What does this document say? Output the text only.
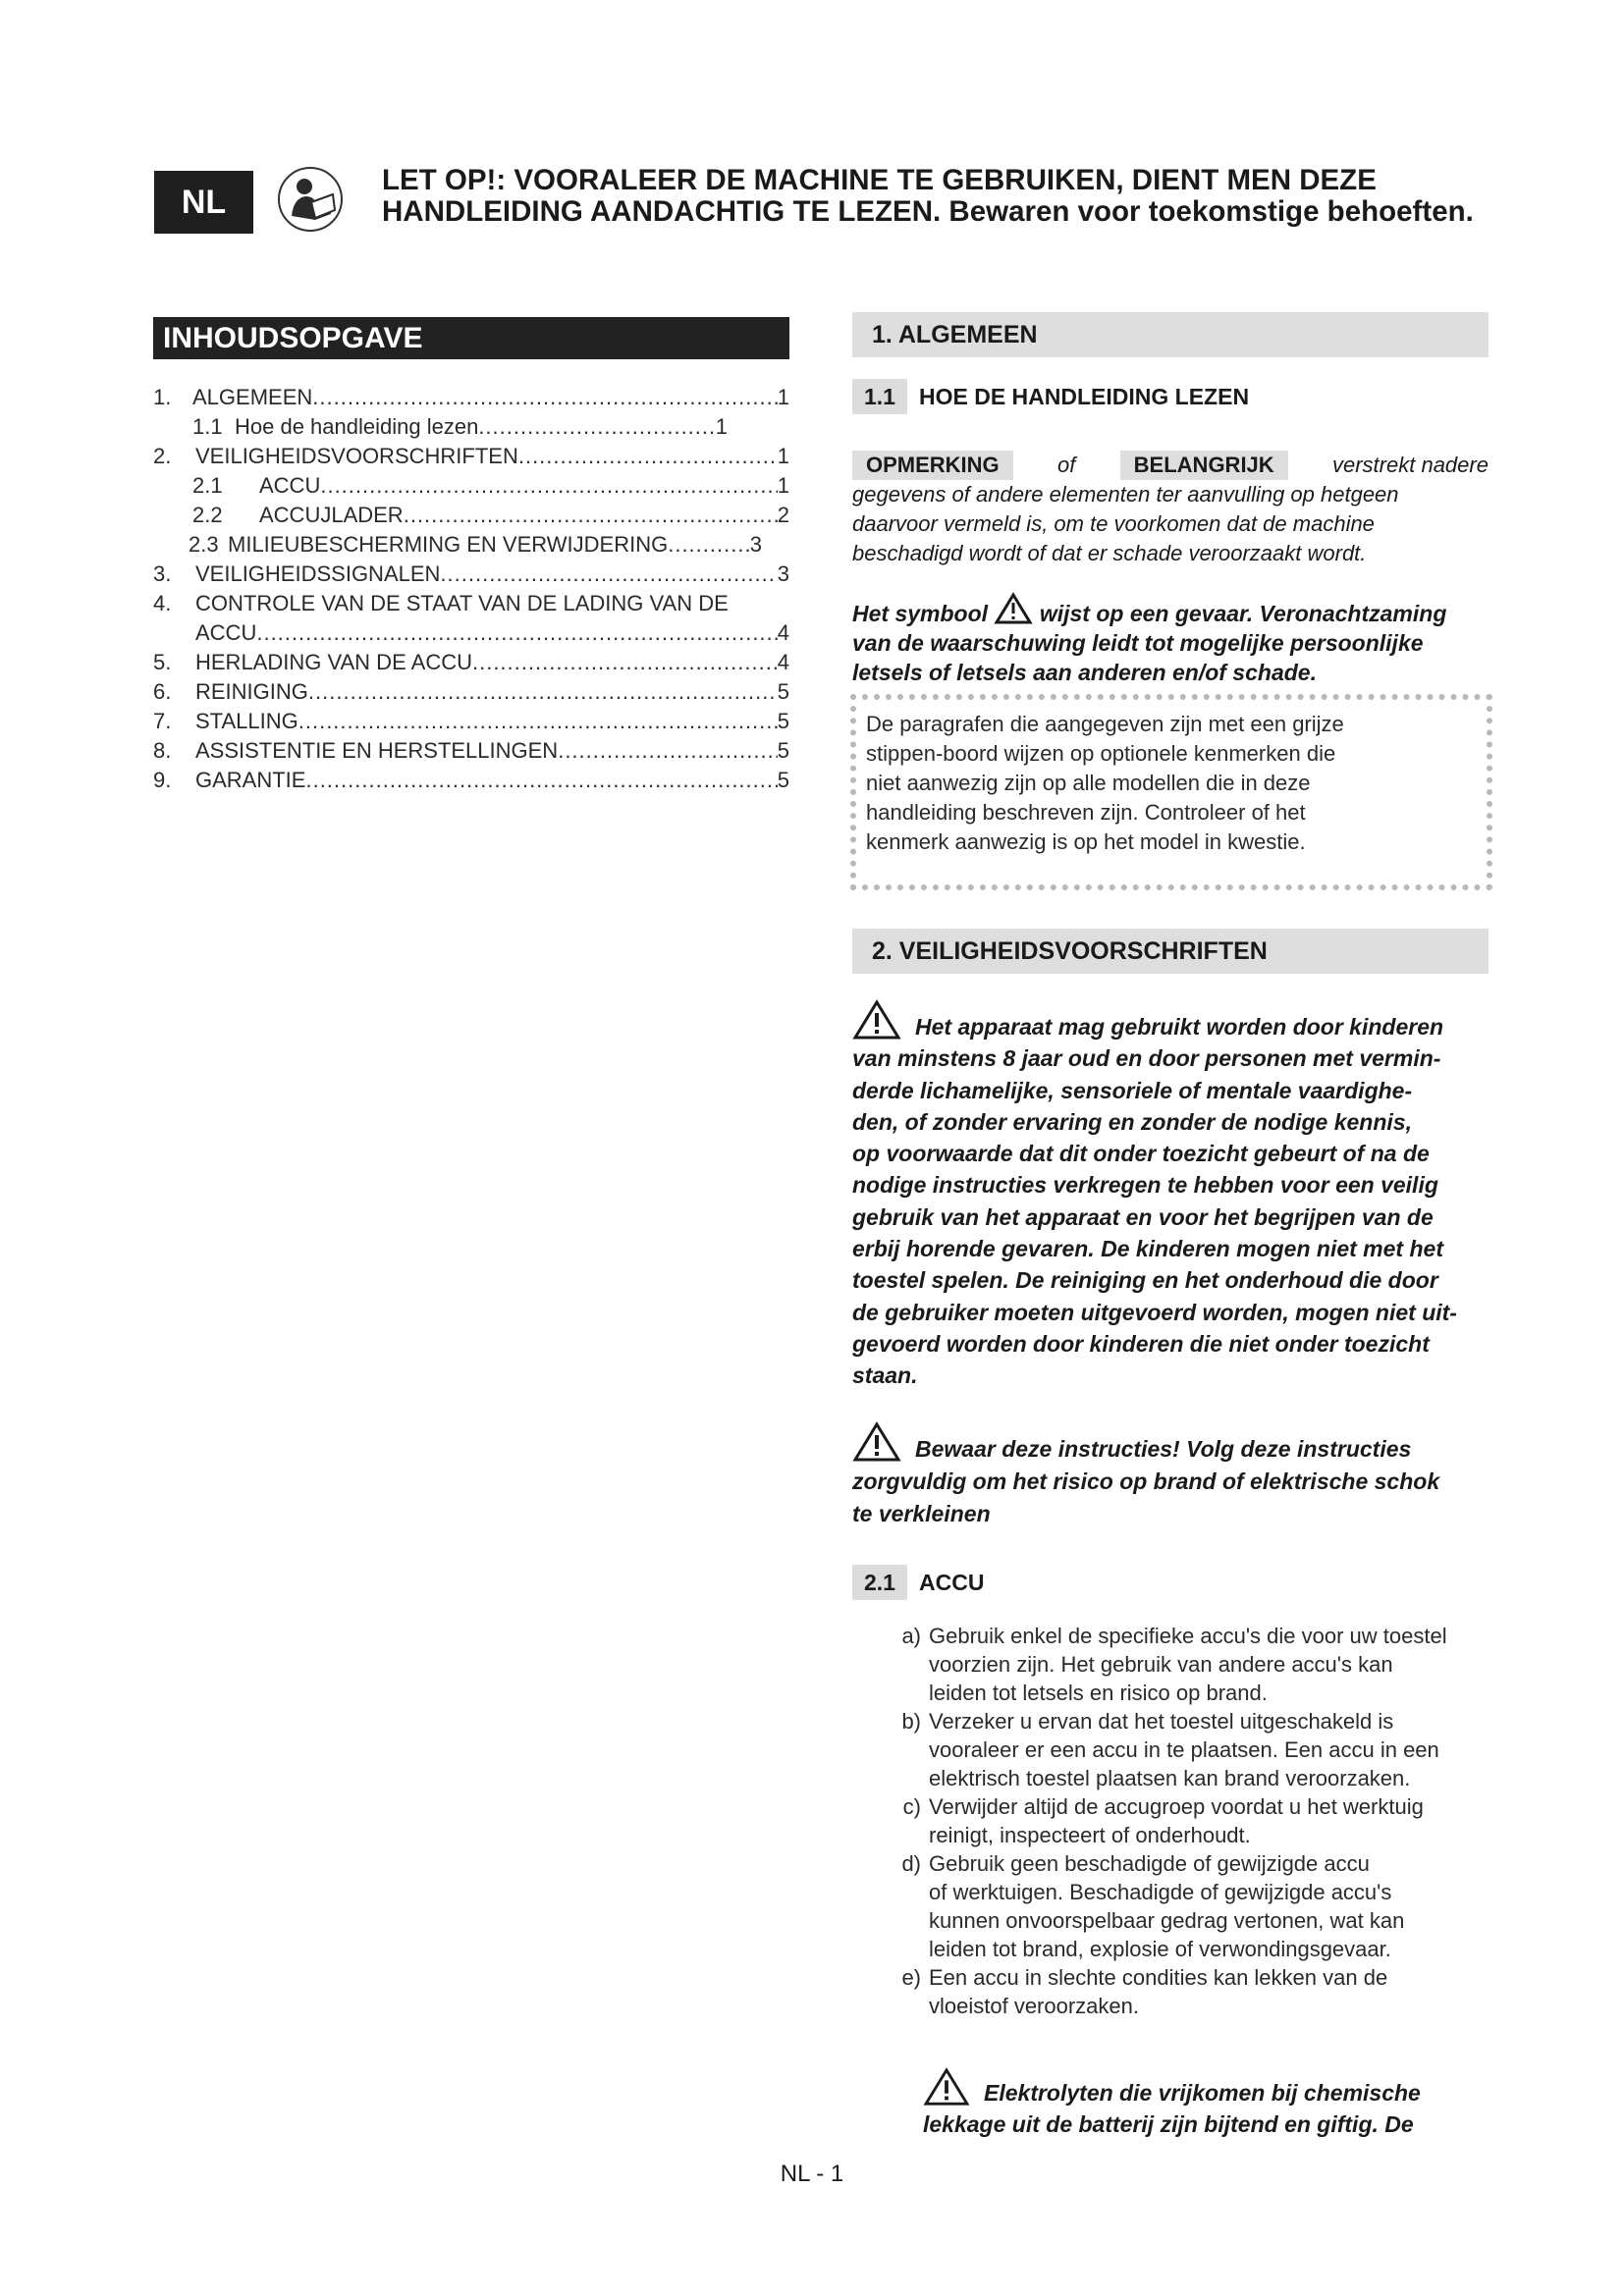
NL
LET OP!: VOORALEER DE MACHINE TE GEBRUIKEN, DIENT MEN DEZE
HANDLEIDING AANDACHTIG TE LEZEN. Bewaren voor toekomstige behoeften.
INHOUDSOPGAVE
1. ALGEMEEN .....	1
1.1 Hoe de handleiding lezen .....	1
2.	VEILIGHEIDSVOORSCHRIFTEN .....	1
2.1	ACCU .....	1
2.2	ACCUJLADER .....	2
2.3 MILIEUBESCHERMING EN VERWIJDERING .....	3
3.	VEILIGHEIDSSIGNALEN .....	3
4.	CONTROLE VAN DE STAAT VAN DE LADING VAN DE
ACCU .....	4
5.	HERLADING VAN DE ACCU .....	4
6.	REINIGING .....	5
7.	STALLING .....	5
8.	ASSISTENTIE EN HERSTELLINGEN .....	5
9.	GARANTIE .....	5
1. ALGEMEEN
1.1	HOE DE HANDLEIDING LEZEN
OPMERKING	of	BELANGRIJK	verstrekt nadere
gegevens of andere elementen ter aanvulling op hetgeen
daarvoor vermeld is, om te voorkomen dat de machine
beschadigd wordt of dat er schade veroorzaakt wordt.
Het symbool wijst op een gevaar. Veronachtzaming
van de waarschuwing leidt tot mogelijke persoonlijke
letsels of letsels aan anderen en/of schade.
De paragrafen die aangegeven zijn met een grijze
stippen-boord wijzen op optionele kenmerken die
niet aanwezig zijn op alle modellen die in deze
handleiding beschreven zijn. Controleer of het
kenmerk aanwezig is op het model in kwestie.
2. VEILIGHEIDSVOORSCHRIFTEN
Het apparaat mag gebruikt worden door kinderen
van minstens 8 jaar oud en door personen met vermin-
derde lichamelijke, sensoriele of mentale vaardighe-
den, of zonder ervaring en zonder de nodige kennis,
op voorwaarde dat dit onder toezicht gebeurt of na de
nodige instructies verkregen te hebben voor een veilig
gebruik van het apparaat en voor het begrijpen van de
erbij horende gevaren. De kinderen mogen niet met het
toestel spelen. De reiniging en het onderhoud die door
de gebruiker moeten uitgevoerd worden, mogen niet uit-
gevoerd worden door kinderen die niet onder toezicht
staan.
Bewaar deze instructies! Volg deze instructies
zorgvuldig om het risico op brand of elektrische schok
te verkleinen
2.1	ACCU
a) Gebruik enkel de specifieke accu's die voor uw toestel
voorzien zijn. Het gebruik van andere accu's kan
leiden tot letsels en risico op brand.
b) Verzeker u ervan dat het toestel uitgeschakeld is
vooraleer er een accu in te plaatsen. Een accu in een
elektrisch toestel plaatsen kan brand veroorzaken.
c) Verwijder altijd de accugroep voordat u het werktuig
reinigt, inspecteert of onderhoudt.
d) Gebruik geen beschadigde of gewijzigde accu
of werktuigen. Beschadigde of gewijzigde accu's
kunnen onvoorspelbaar gedrag vertonen, wat kan
leiden tot brand, explosie of verwondingsgevaar.
e) Een accu in slechte condities kan lekken van de
vloeistof veroorzaken.
Elektrolyten die vrijkomen bij chemische
lekkage uit de batterij zijn bijtend en giftig. De
NL - 1
